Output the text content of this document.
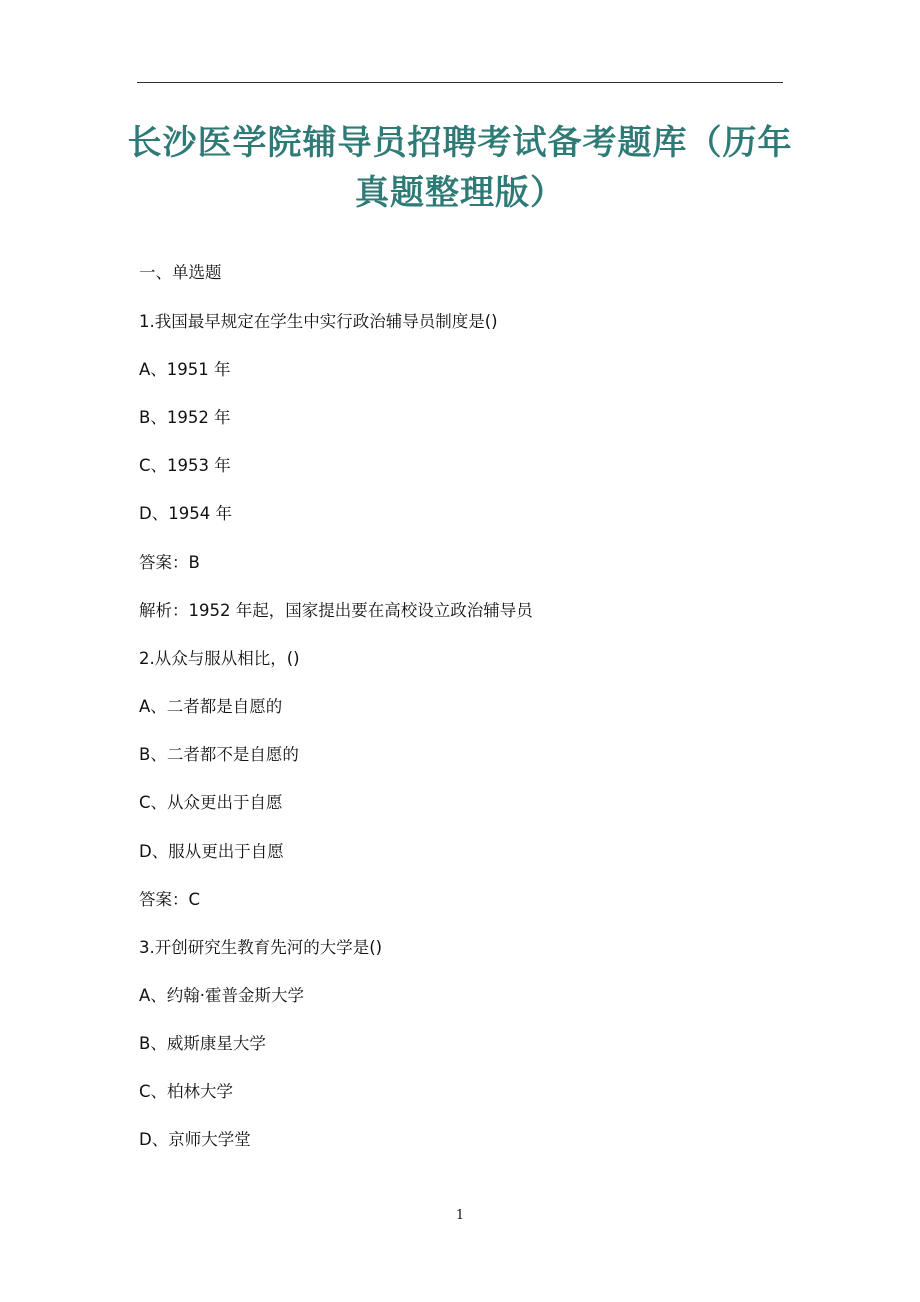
长沙医学院辅导员招聘考试备考题库（历年
真题整理版）

一、单选题

1.我国最早规定在学生中实行政治辅导员制度是()

A、1951 年

B、1952 年

C、1953 年

D、1954 年

答案：B

解析：1952 年起，国家提出要在高校设立政治辅导员

2.从众与服从相比，()

A、二者都是自愿的

B、二者都不是自愿的

C、从众更出于自愿

D、服从更出于自愿

答案：C

3.开创研究生教育先河的大学是()

A、约翰·霍普金斯大学

B、威斯康星大学

C、柏林大学

D、京师大学堂

1
